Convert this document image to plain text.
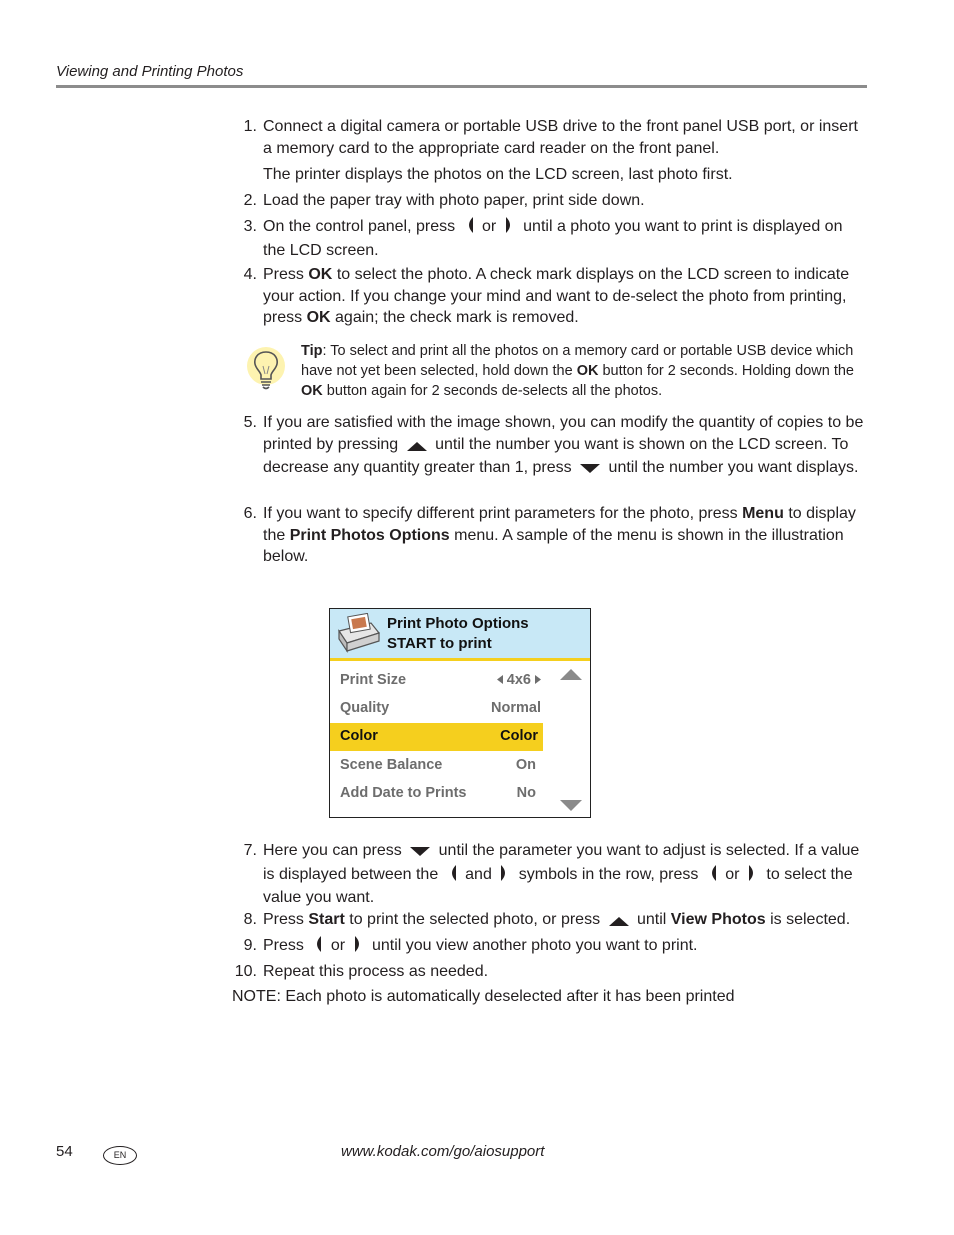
Viewing and Printing Photos
1. Connect a digital camera or portable USB drive to the front panel USB port, or insert a memory card to the appropriate card reader on the front panel.
The printer displays the photos on the LCD screen, last photo first.
2. Load the paper tray with photo paper, print side down.
3. On the control panel, press or until a photo you want to print is displayed on the LCD screen.
4. Press OK to select the photo. A check mark displays on the LCD screen to indicate your action. If you change your mind and want to de-select the photo from printing, press OK again; the check mark is removed.
Tip: To select and print all the photos on a memory card or portable USB device which have not yet been selected, hold down the OK button for 2 seconds. Holding down the OK button again for 2 seconds de-selects all the photos.
5. If you are satisfied with the image shown, you can modify the quantity of copies to be printed by pressing until the number you want is shown on the LCD screen. To decrease any quantity greater than 1, press until the number you want displays.
6. If you want to specify different print parameters for the photo, press Menu to display the Print Photos Options menu. A sample of the menu is shown in the illustration below.
Print Photo Options
START to print
Print Size	4x6
Quality	Normal
Color	Color
Scene Balance	On
Add Date to Prints	No
7. Here you can press until the parameter you want to adjust is selected. If a value is displayed between the and symbols in the row, press or to select the value you want.
8. Press Start to print the selected photo, or press until View Photos is selected.
9. Press or until you view another photo you want to print.
10. Repeat this process as needed.
NOTE: Each photo is automatically deselected after it has been printed
54	EN	www.kodak.com/go/aiosupport
